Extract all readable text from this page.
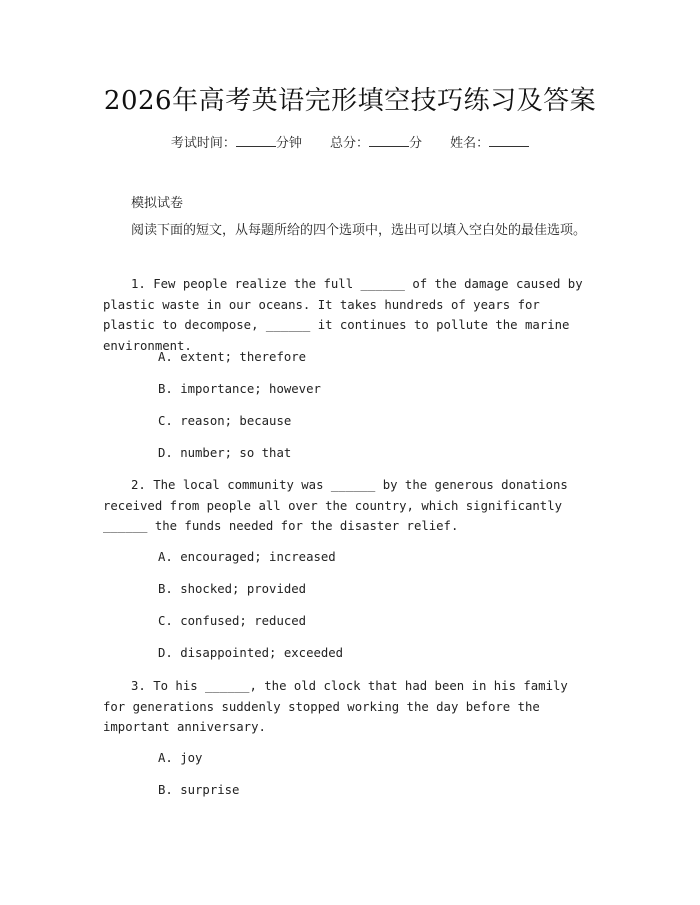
2026年高考英语完形填空技巧练习及答案
考试时间：	分钟 总分：	分 姓名：
模拟试卷
阅读下面的短文，从每题所给的四个选项中，选出可以填入空白处的最佳选项。
1. Few people realize the full ______ of the damage caused by plastic waste in our oceans. It takes hundreds of years for plastic to decompose, ______ it continues to pollute the marine environment.
A. extent; therefore
B. importance; however
C. reason; because
D. number; so that
2. The local community was ______ by the generous donations received from people all over the country, which significantly ______ the funds needed for the disaster relief.
A. encouraged; increased
B. shocked; provided
C. confused; reduced
D. disappointed; exceeded
3. To his ______, the old clock that had been in his family for generations suddenly stopped working the day before the important anniversary.
A. joy
B. surprise
